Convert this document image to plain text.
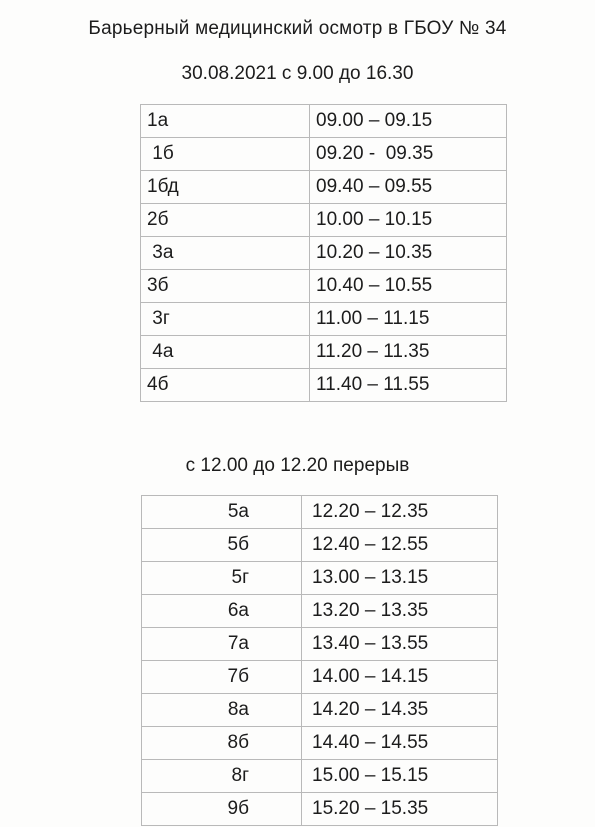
Барьерный медицинский осмотр в ГБОУ № 34
30.08.2021 с 9.00 до 16.30
1а	09.00 – 09.15
1б	09.20 -  09.35
1бд	09.40 – 09.55
2б	10.00 – 10.15
3а	10.20 – 10.35
3б	10.40 – 10.55
3г	11.00 – 11.15
4а	11.20 – 11.35
4б	11.40 – 11.55
с 12.00 до 12.20 перерыв
5а	12.20 – 12.35
5б	12.40 – 12.55
5г	13.00 – 13.15
6а	13.20 – 13.35
7а	13.40 – 13.55
7б	14.00 – 14.15
8а	14.20 – 14.35
8б	14.40 – 14.55
8г	15.00 – 15.15
9б	15.20 – 15.35
